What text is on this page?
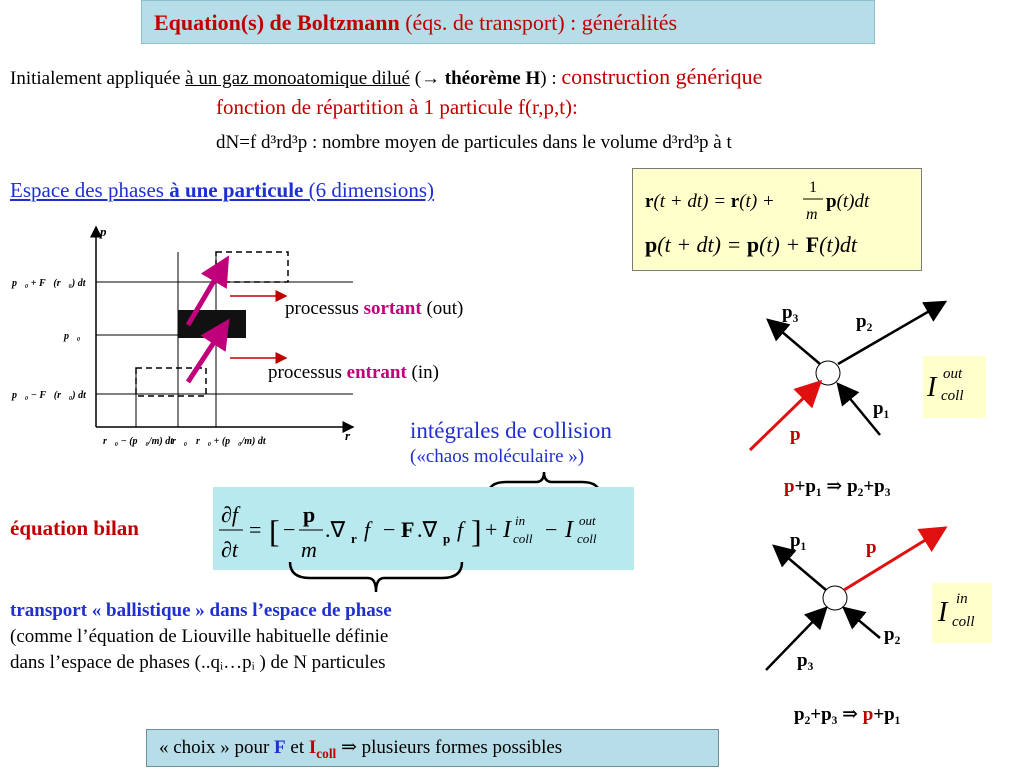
Equation(s) de Boltzmann (éqs. de transport) : généralités
Initialement appliquée à un gaz monoatomique dilué (→ théorème H) : construction générique
fonction de répartition à 1 particule f(r,p,t):
dN=f d³rd³p : nombre moyen de particules dans le volume d³rd³p à t
Espace des phases à une particule (6 dimensions)	r(t + dt) = r(t) +
1
m
p(t)dt
p(t + dt) = p(t) + F(t)dt
p⃗
r⃗
p⃗₀ + F⃗(r⃗₀) dt
p⃗₀
p⃗₀ − F⃗(r⃗₀) dt
r⃗₀ − (p⃗₀/m) dt r⃗₀ r⃗₀ + (p⃗₀/m) dt
processus sortant (out)
processus entrant (in)
intégrales de collision
(«chaos moléculaire »)
équation bilan
∂f
∂t
= [ −
p
m
.∇ r f − F .∇ p f ] + I in
coll − I out
coll
transport « ballistique » dans l’espace de phase
(comme l’équation de Liouville habituelle définie
dans l’espace de phases (..qᵢ…pᵢ ) de N particules
p₃	p₂
p₁
p
p+p₁ ⇒ p₂+p₃
I out
coll
p₁	p
p₂
p₃
p₂+p₃ ⇒ p+p₁
I in
coll
« choix » pour F et $I_{coll}$ ⇒ plusieurs formes possibles
